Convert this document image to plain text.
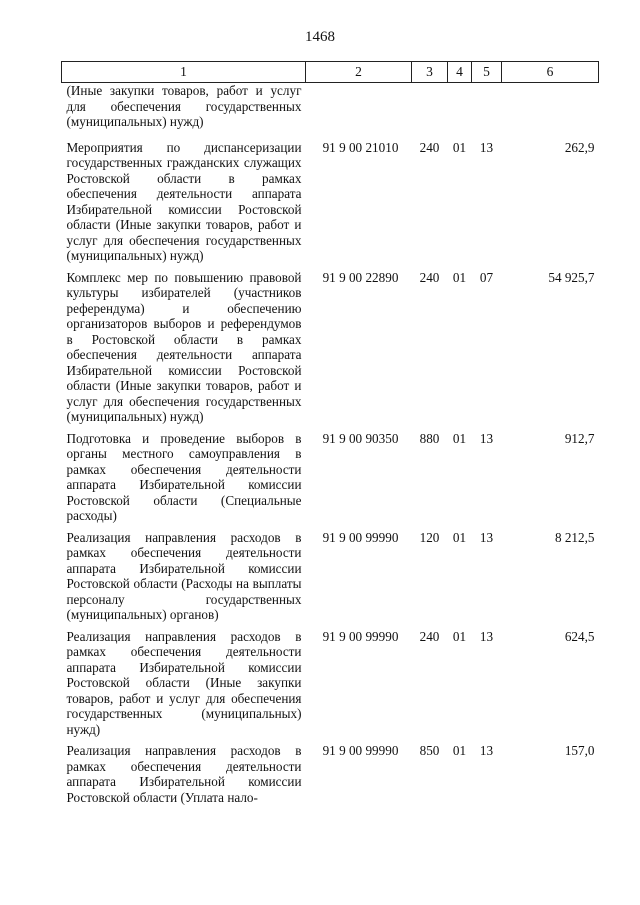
1468
1	2	3	4	5	6
(Иные закупки товаров, работ и услуг для обеспечения государственных (муниципальных) нужд)					
Мероприятия по диспансеризации государственных гражданских служащих Ростовской области в рамках обеспечения деятельности аппарата Избирательной комиссии Ростовской области (Иные закупки товаров, работ и услуг для обеспечения государственных (муниципальных) нужд)	91 9 00 21010	240	01	13	262,9
Комплекс мер по повышению правовой культуры избирателей (участников референдума) и обеспечению организаторов выборов и референдумов в Ростовской области в рамках обеспечения деятельности аппарата Избирательной комиссии Ростовской области (Иные закупки товаров, работ и услуг для обеспечения государственных (муниципальных) нужд)	91 9 00 22890	240	01	07	54 925,7
Подготовка и проведение выборов в органы местного самоуправления в рамках обеспечения деятельности аппарата Избирательной комиссии Ростовской области (Специальные расходы)	91 9 00 90350	880	01	13	912,7
Реализация направления расходов в рамках обеспечения деятельности аппарата Избирательной комиссии Ростовской области (Расходы на выплаты персоналу государственных (муниципальных) органов)	91 9 00 99990	120	01	13	8 212,5
Реализация направления расходов в рамках обеспечения деятельности аппарата Избирательной комиссии Ростовской области (Иные закупки товаров, работ и услуг для обеспечения государственных (муниципальных) нужд)	91 9 00 99990	240	01	13	624,5
Реализация направления расходов в рамках обеспечения деятельности аппарата Избирательной комиссии Ростовской области (Уплата нало-	91 9 00 99990	850	01	13	157,0
